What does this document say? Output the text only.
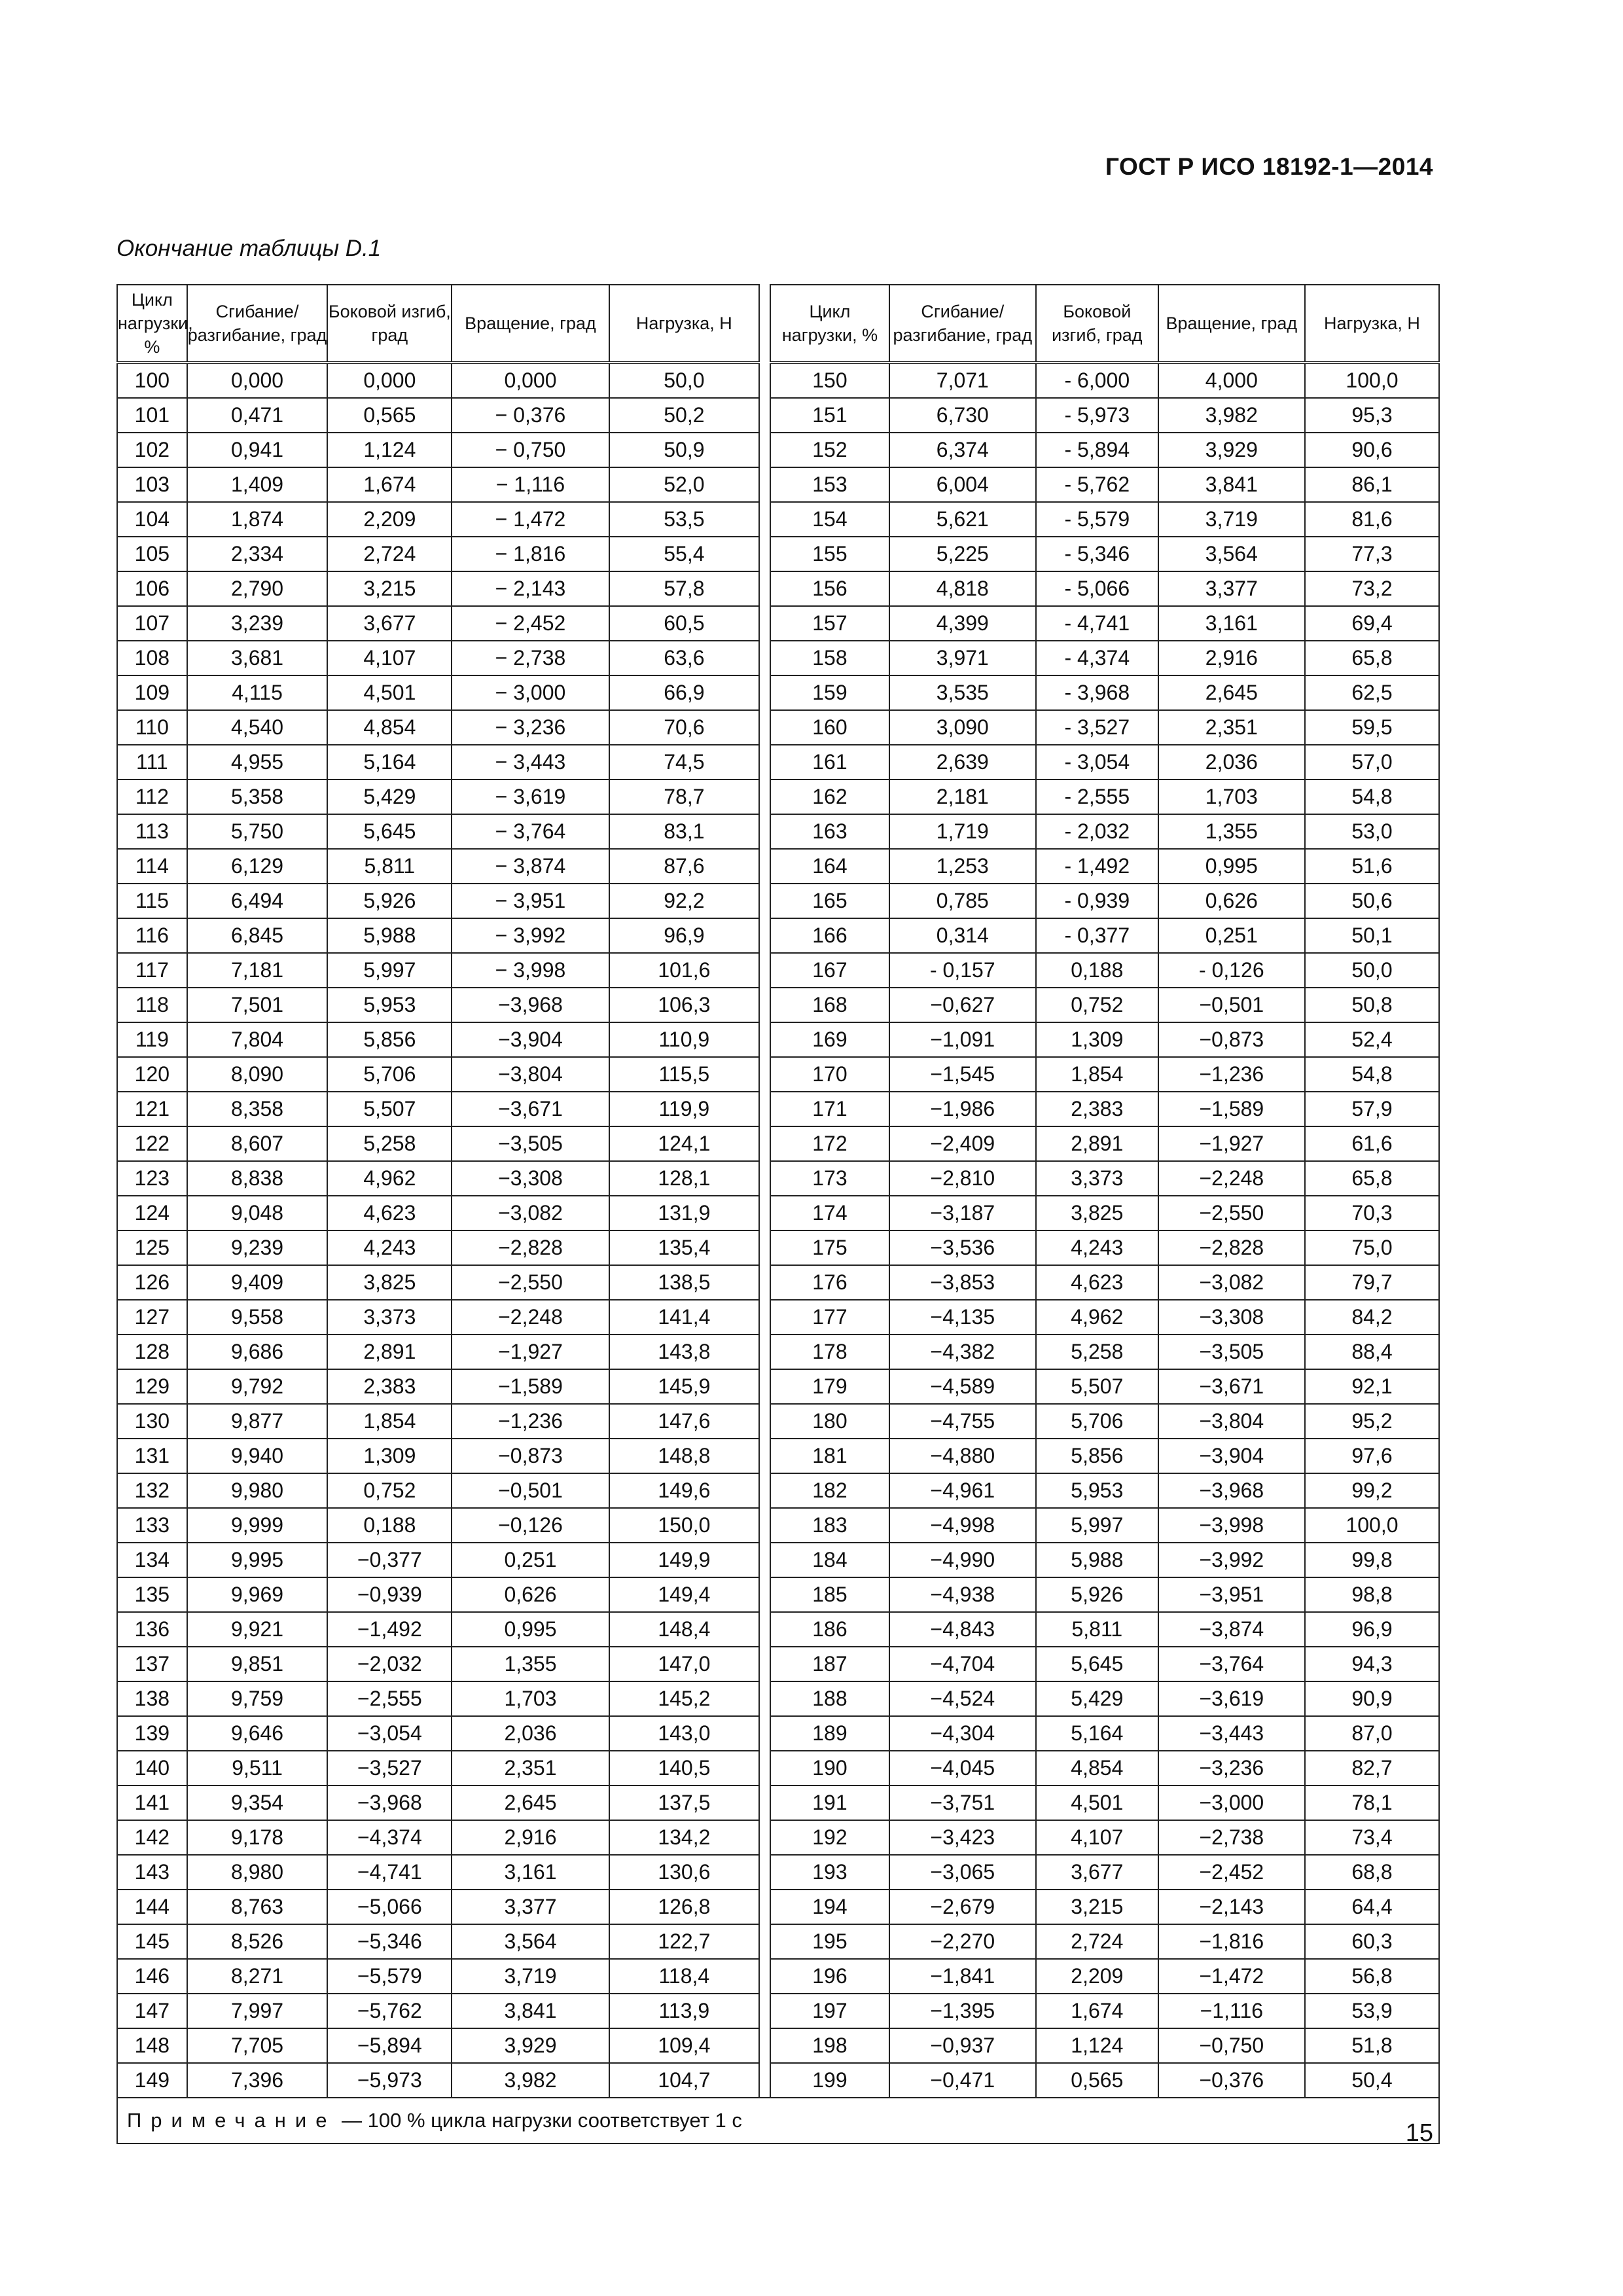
ГОСТ Р ИСО 18192-1—2014
Окончание таблицы D.1
Цикл нагрузки, %	Сгибание/ разгибание, град	Боковой изгиб, град	Вращение, град	Нагрузка, Н		Цикл нагрузки, %	Сгибание/ разгибание, град	Боковой изгиб, град	Вращение, град	Нагрузка, Н
100	0,000	0,000	0,000	50,0		150	7,071	- 6,000	4,000	100,0
101	0,471	0,565	− 0,376	50,2		151	6,730	- 5,973	3,982	95,3
102	0,941	1,124	− 0,750	50,9		152	6,374	- 5,894	3,929	90,6
103	1,409	1,674	− 1,116	52,0		153	6,004	- 5,762	3,841	86,1
104	1,874	2,209	− 1,472	53,5		154	5,621	- 5,579	3,719	81,6
105	2,334	2,724	− 1,816	55,4		155	5,225	- 5,346	3,564	77,3
106	2,790	3,215	− 2,143	57,8		156	4,818	- 5,066	3,377	73,2
107	3,239	3,677	− 2,452	60,5		157	4,399	- 4,741	3,161	69,4
108	3,681	4,107	− 2,738	63,6		158	3,971	- 4,374	2,916	65,8
109	4,115	4,501	− 3,000	66,9		159	3,535	- 3,968	2,645	62,5
110	4,540	4,854	− 3,236	70,6		160	3,090	- 3,527	2,351	59,5
111	4,955	5,164	− 3,443	74,5		161	2,639	- 3,054	2,036	57,0
112	5,358	5,429	− 3,619	78,7		162	2,181	- 2,555	1,703	54,8
113	5,750	5,645	− 3,764	83,1		163	1,719	- 2,032	1,355	53,0
114	6,129	5,811	− 3,874	87,6		164	1,253	- 1,492	0,995	51,6
115	6,494	5,926	− 3,951	92,2		165	0,785	- 0,939	0,626	50,6
116	6,845	5,988	− 3,992	96,9		166	0,314	- 0,377	0,251	50,1
117	7,181	5,997	− 3,998	101,6		167	- 0,157	0,188	- 0,126	50,0
118	7,501	5,953	−3,968	106,3		168	−0,627	0,752	−0,501	50,8
119	7,804	5,856	−3,904	110,9		169	−1,091	1,309	−0,873	52,4
120	8,090	5,706	−3,804	115,5		170	−1,545	1,854	−1,236	54,8
121	8,358	5,507	−3,671	119,9		171	−1,986	2,383	−1,589	57,9
122	8,607	5,258	−3,505	124,1		172	−2,409	2,891	−1,927	61,6
123	8,838	4,962	−3,308	128,1		173	−2,810	3,373	−2,248	65,8
124	9,048	4,623	−3,082	131,9		174	−3,187	3,825	−2,550	70,3
125	9,239	4,243	−2,828	135,4		175	−3,536	4,243	−2,828	75,0
126	9,409	3,825	−2,550	138,5		176	−3,853	4,623	−3,082	79,7
127	9,558	3,373	−2,248	141,4		177	−4,135	4,962	−3,308	84,2
128	9,686	2,891	−1,927	143,8		178	−4,382	5,258	−3,505	88,4
129	9,792	2,383	−1,589	145,9		179	−4,589	5,507	−3,671	92,1
130	9,877	1,854	−1,236	147,6		180	−4,755	5,706	−3,804	95,2
131	9,940	1,309	−0,873	148,8		181	−4,880	5,856	−3,904	97,6
132	9,980	0,752	−0,501	149,6		182	−4,961	5,953	−3,968	99,2
133	9,999	0,188	−0,126	150,0		183	−4,998	5,997	−3,998	100,0
134	9,995	−0,377	0,251	149,9		184	−4,990	5,988	−3,992	99,8
135	9,969	−0,939	0,626	149,4		185	−4,938	5,926	−3,951	98,8
136	9,921	−1,492	0,995	148,4		186	−4,843	5,811	−3,874	96,9
137	9,851	−2,032	1,355	147,0		187	−4,704	5,645	−3,764	94,3
138	9,759	−2,555	1,703	145,2		188	−4,524	5,429	−3,619	90,9
139	9,646	−3,054	2,036	143,0		189	−4,304	5,164	−3,443	87,0
140	9,511	−3,527	2,351	140,5		190	−4,045	4,854	−3,236	82,7
141	9,354	−3,968	2,645	137,5		191	−3,751	4,501	−3,000	78,1
142	9,178	−4,374	2,916	134,2		192	−3,423	4,107	−2,738	73,4
143	8,980	−4,741	3,161	130,6		193	−3,065	3,677	−2,452	68,8
144	8,763	−5,066	3,377	126,8		194	−2,679	3,215	−2,143	64,4
145	8,526	−5,346	3,564	122,7		195	−2,270	2,724	−1,816	60,3
146	8,271	−5,579	3,719	118,4		196	−1,841	2,209	−1,472	56,8
147	7,997	−5,762	3,841	113,9		197	−1,395	1,674	−1,116	53,9
148	7,705	−5,894	3,929	109,4		198	−0,937	1,124	−0,750	51,8
149	7,396	−5,973	3,982	104,7		199	−0,471	0,565	−0,376	50,4
Примечание — 100 % цикла нагрузки соответствует 1 с											15
